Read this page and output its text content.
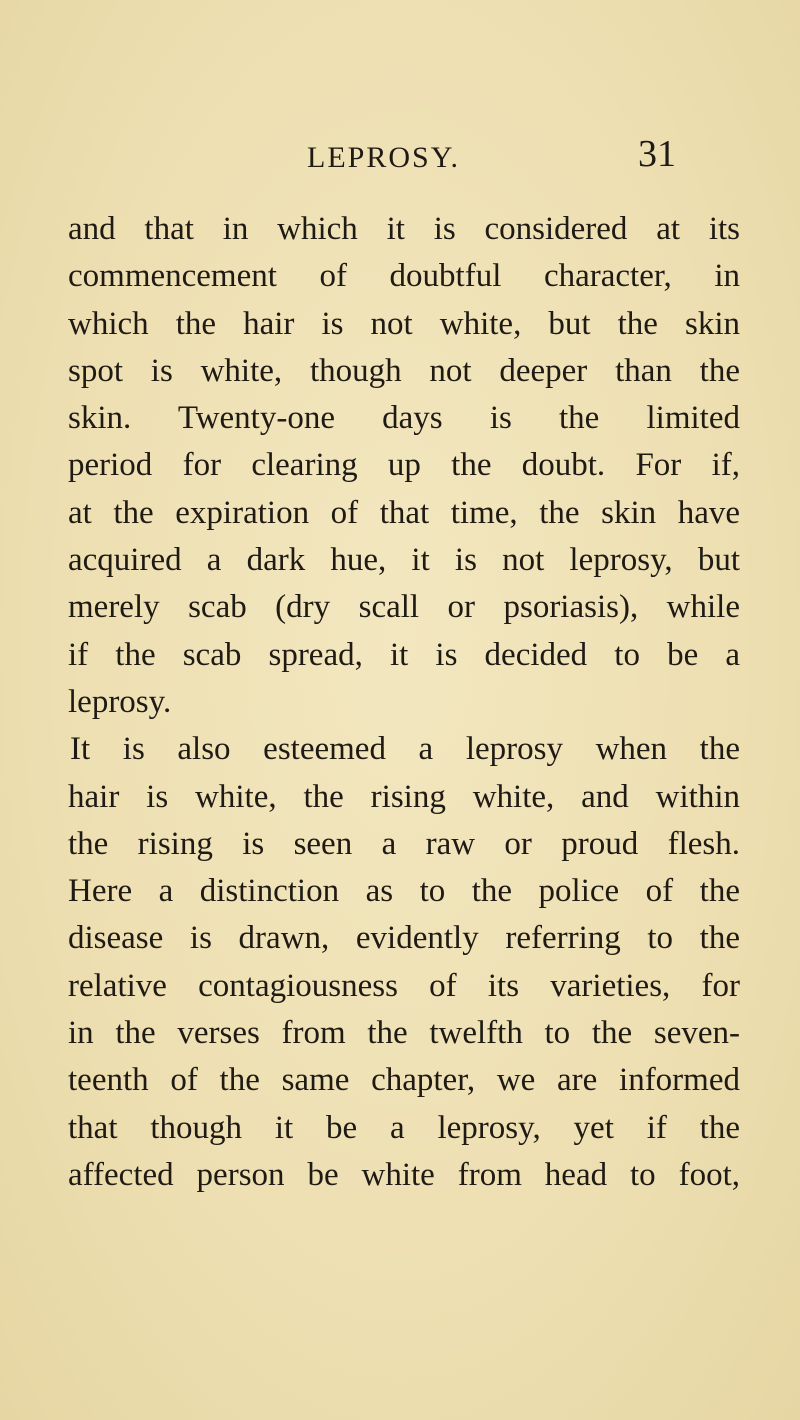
LEPROSY.	31
and that in which it is considered at its
commencement of doubtful character, in
which the hair is not white, but the skin
spot is white, though not deeper than the
skin. Twenty-one days is the limited
period for clearing up the doubt. For if,
at the expiration of that time, the skin have
acquired a dark hue, it is not leprosy, but
merely scab (dry scall or psoriasis), while
if the scab spread, it is decided to be a
leprosy.
It is also esteemed a leprosy when the
hair is white, the rising white, and within
the rising is seen a raw or proud flesh.
Here a distinction as to the police of the
disease is drawn, evidently referring to the
relative contagiousness of its varieties, for
in the verses from the twelfth to the seven-
teenth of the same chapter, we are informed
that though it be a leprosy, yet if the
affected person be white from head to foot,
